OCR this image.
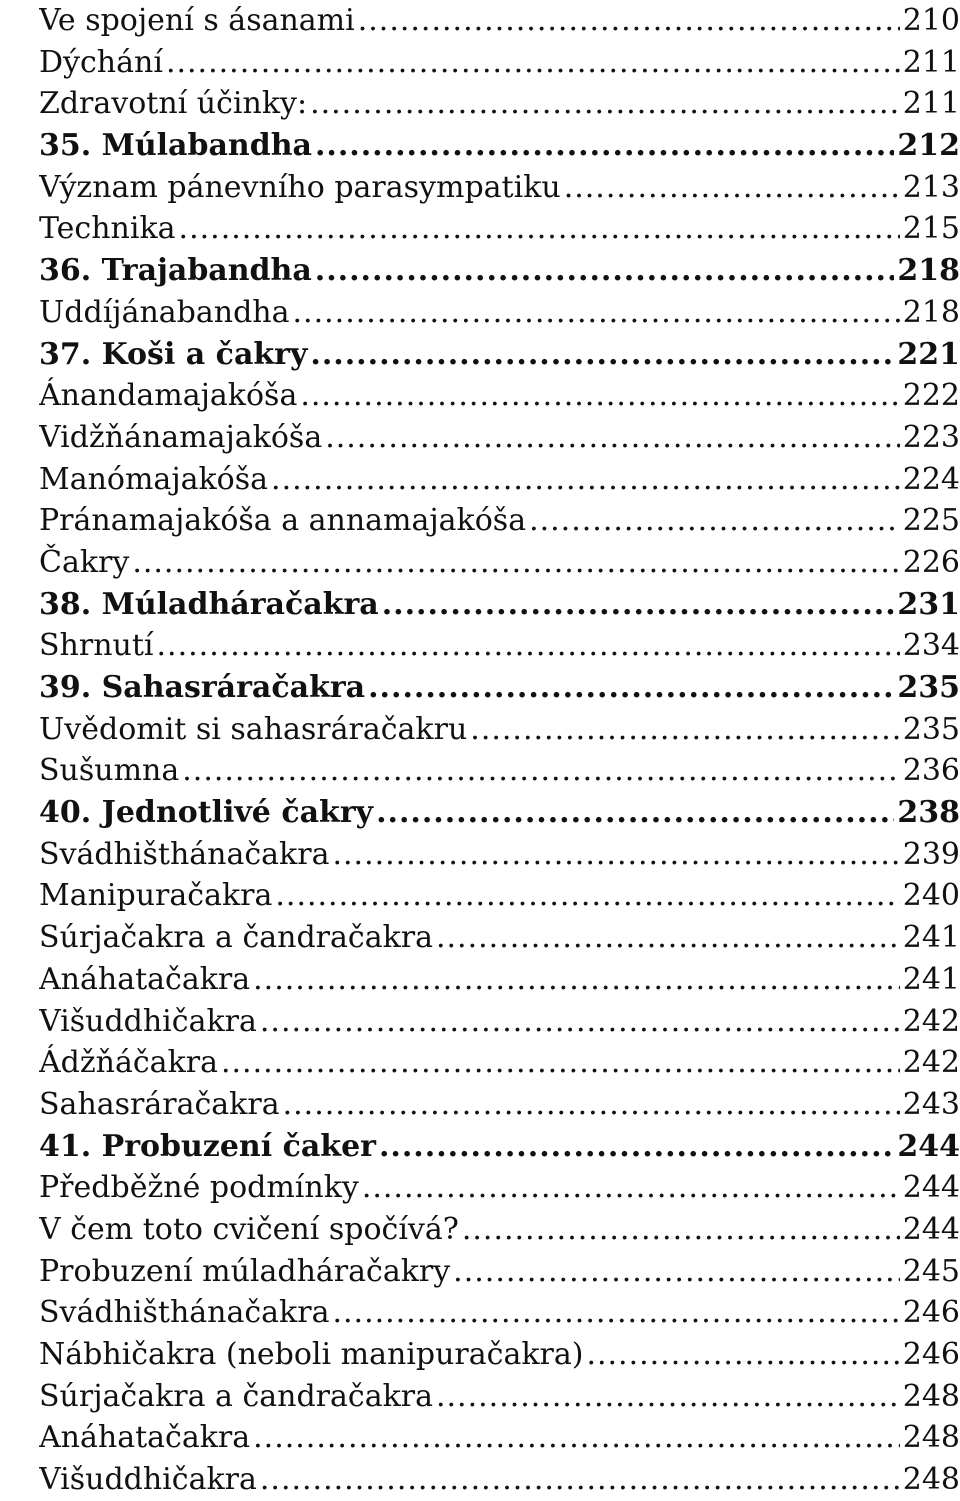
Ve spojení s ásanami .....	210
Dýchání .....	211
Zdravotní účinky: .....	211
35. Múlabandha .....	212
Význam pánevního parasympatiku .....	213
Technika .....	215
36. Trajabandha .....	218
Uddíjánabandha .....	218
37. Koši a čakry .....	221
Ánandamajakóša .....	222
Vidžňánamajakóša .....	223
Manómajakóša .....	224
Pránamajakóša a annamajakóša .....	225
Čakry .....	226
38. Múladháračakra .....	231
Shrnutí .....	234
39. Sahasráračakra .....	235
Uvědomit si sahasráračakru .....	235
Sušumna .....	236
40. Jednotlivé čakry .....	238
Svádhišthánačakra .....	239
Manipuračakra .....	240
Súrjačakra a čandračakra .....	241
Anáhatačakra .....	241
Višuddhičakra .....	242
Ádžňáčakra .....	242
Sahasráračakra .....	243
41. Probuzení čaker .....	244
Předběžné podmínky .....	244
V čem toto cvičení spočívá? .....	244
Probuzení múladháračakry .....	245
Svádhišthánačakra .....	246
Nábhičakra (neboli manipuračakra) .....	246
Súrjačakra a čandračakra .....	248
Anáhatačakra .....	248
Višuddhičakra .....	248
